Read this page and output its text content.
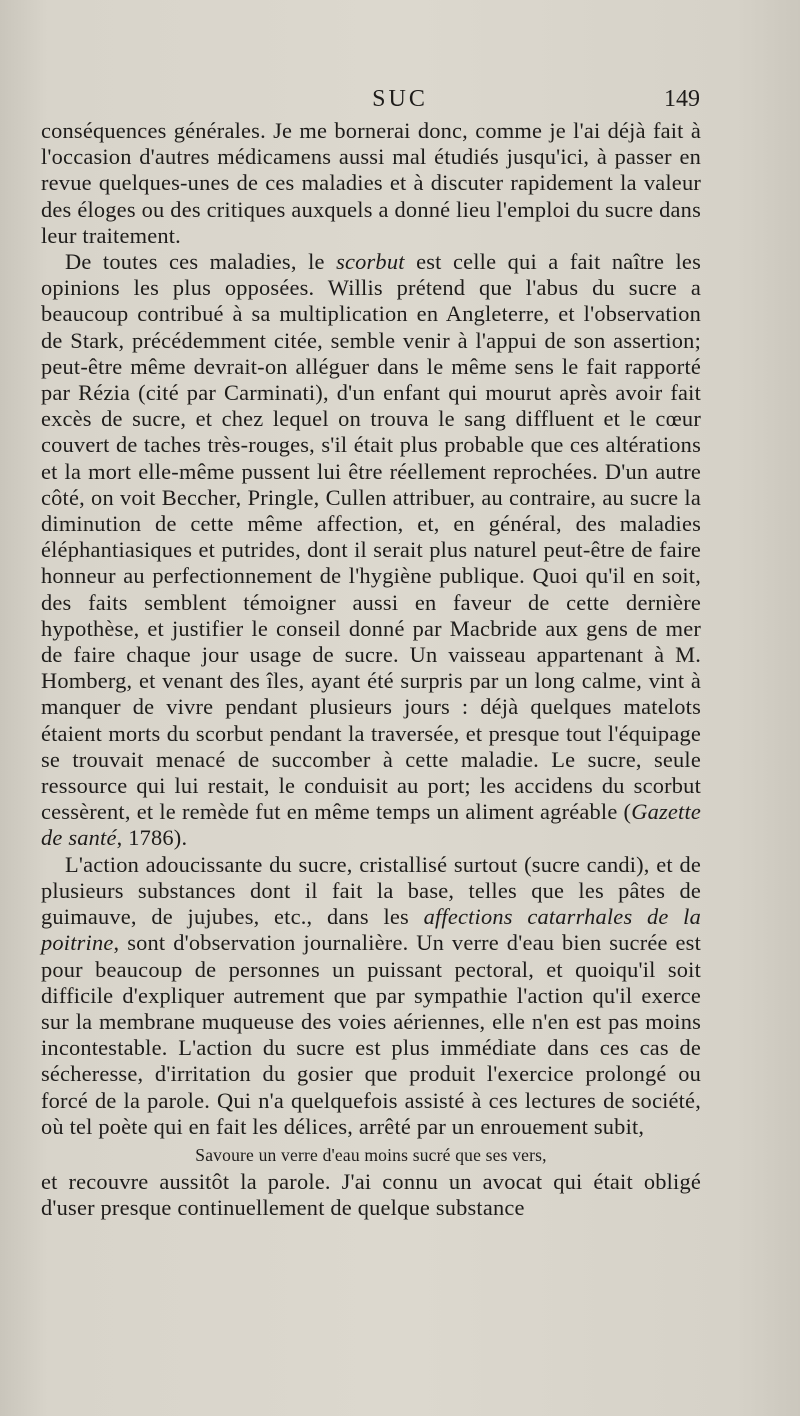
SUC	149

conséquences générales. Je me bornerai donc, comme je l'ai déjà fait à l'occasion d'autres médicamens aussi mal étudiés jusqu'ici, à passer en revue quelques-unes de ces maladies et à discuter rapidement la valeur des éloges ou des critiques auxquels a donné lieu l'emploi du sucre dans leur traitement.

De toutes ces maladies, le scorbut est celle qui a fait naître les opinions les plus opposées. Willis prétend que l'abus du sucre a beaucoup contribué à sa multiplication en Angleterre, et l'observation de Stark, précédemment citée, semble venir à l'appui de son assertion; peut-être même devrait-on alléguer dans le même sens le fait rapporté par Rézia (cité par Carminati), d'un enfant qui mourut après avoir fait excès de sucre, et chez lequel on trouva le sang diffluent et le cœur couvert de taches très-rouges, s'il était plus probable que ces altérations et la mort elle-même pussent lui être réellement reprochées. D'un autre côté, on voit Beccher, Pringle, Cullen attribuer, au contraire, au sucre la diminution de cette même affection, et, en général, des maladies éléphantiasiques et putrides, dont il serait plus naturel peut-être de faire honneur au perfectionnement de l'hygiène publique. Quoi qu'il en soit, des faits semblent témoigner aussi en faveur de cette dernière hypothèse, et justifier le conseil donné par Macbride aux gens de mer de faire chaque jour usage de sucre. Un vaisseau appartenant à M. Homberg, et venant des îles, ayant été surpris par un long calme, vint à manquer de vivre pendant plusieurs jours : déjà quelques matelots étaient morts du scorbut pendant la traversée, et presque tout l'équipage se trouvait menacé de succomber à cette maladie. Le sucre, seule ressource qui lui restait, le conduisit au port; les accidens du scorbut cessèrent, et le remède fut en même temps un aliment agréable (Gazette de santé, 1786).

L'action adoucissante du sucre, cristallisé surtout (sucre candi), et de plusieurs substances dont il fait la base, telles que les pâtes de guimauve, de jujubes, etc., dans les affections catarrhales de la poitrine, sont d'observation journalière. Un verre d'eau bien sucrée est pour beaucoup de personnes un puissant pectoral, et quoiqu'il soit difficile d'expliquer autrement que par sympathie l'action qu'il exerce sur la membrane muqueuse des voies aériennes, elle n'en est pas moins incontestable. L'action du sucre est plus immédiate dans ces cas de sécheresse, d'irritation du gosier que produit l'exercice prolongé ou forcé de la parole. Qui n'a quelquefois assisté à ces lectures de société, où tel poète qui en fait les délices, arrêté par un enrouement subit,

Savoure un verre d'eau moins sucré que ses vers,

et recouvre aussitôt la parole. J'ai connu un avocat qui était obligé d'user presque continuellement de quelque substance
